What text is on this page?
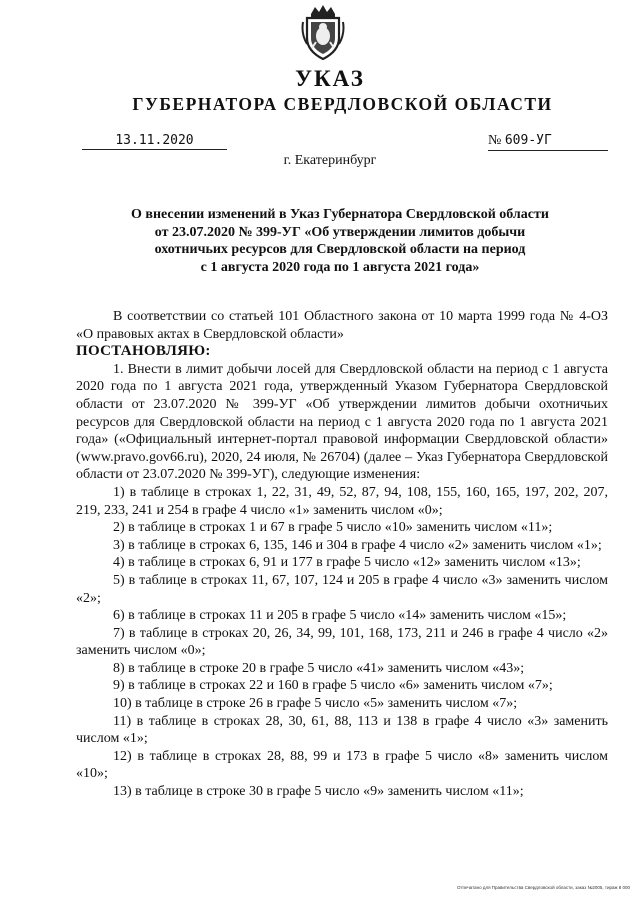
УКАЗ
ГУБЕРНАТОРА СВЕРДЛОВСКОЙ ОБЛАСТИ
13.11.2020	№ 609-УГ
г. Екатеринбург
О внесении изменений в Указ Губернатора Свердловской области
от 23.07.2020 № 399-УГ «Об утверждении лимитов добычи
охотничьих ресурсов для Свердловской области на период
с 1 августа 2020 года по 1 августа 2021 года»

В соответствии со статьей 101 Областного закона от 10 марта 1999 года № 4-ОЗ «О правовых актах в Свердловской области»

ПОСТАНОВЛЯЮ:

1. Внести в лимит добычи лосей для Свердловской области на период с 1 августа 2020 года по 1 августа 2021 года, утвержденный Указом Губернатора Свердловской области от 23.07.2020 № 399-УГ «Об утверждении лимитов добычи охотничьих ресурсов для Свердловской области на период с 1 августа 2020 года по 1 августа 2021 года» («Официальный интернет-портал правовой информации Свердловской области» (www.pravo.gov66.ru), 2020, 24 июля, № 26704) (далее – Указ Губернатора Свердловской области от 23.07.2020 № 399-УГ), следующие изменения:

1) в таблице в строках 1, 22, 31, 49, 52, 87, 94, 108, 155, 160, 165, 197, 202, 207, 219, 233, 241 и 254 в графе 4 число «1» заменить числом «0»;

2) в таблице в строках 1 и 67 в графе 5 число «10» заменить числом «11»;

3) в таблице в строках 6, 135, 146 и 304 в графе 4 число «2» заменить числом «1»;

4) в таблице в строках 6, 91 и 177 в графе 5 число «12» заменить числом «13»;

5) в таблице в строках 11, 67, 107, 124 и 205 в графе 4 число «3» заменить числом «2»;

6) в таблице в строках 11 и 205 в графе 5 число «14» заменить числом «15»;

7) в таблице в строках 20, 26, 34, 99, 101, 168, 173, 211 и 246 в графе 4 число «2» заменить числом «0»;

8) в таблице в строке 20 в графе 5 число «41» заменить числом «43»;

9) в таблице в строках 22 и 160 в графе 5 число «6» заменить числом «7»;

10) в таблице в строке 26 в графе 5 число «5» заменить числом «7»;

11) в таблице в строках 28, 30, 61, 88, 113 и 138 в графе 4 число «3» заменить числом «1»;

12) в таблице в строках 28, 88, 99 и 173 в графе 5 число «8» заменить числом «10»;

13) в таблице в строке 30 в графе 5 число «9» заменить числом «11»;

Отпечатано для Правительства Свердловской области, заказ №2005, тираж 8 000
